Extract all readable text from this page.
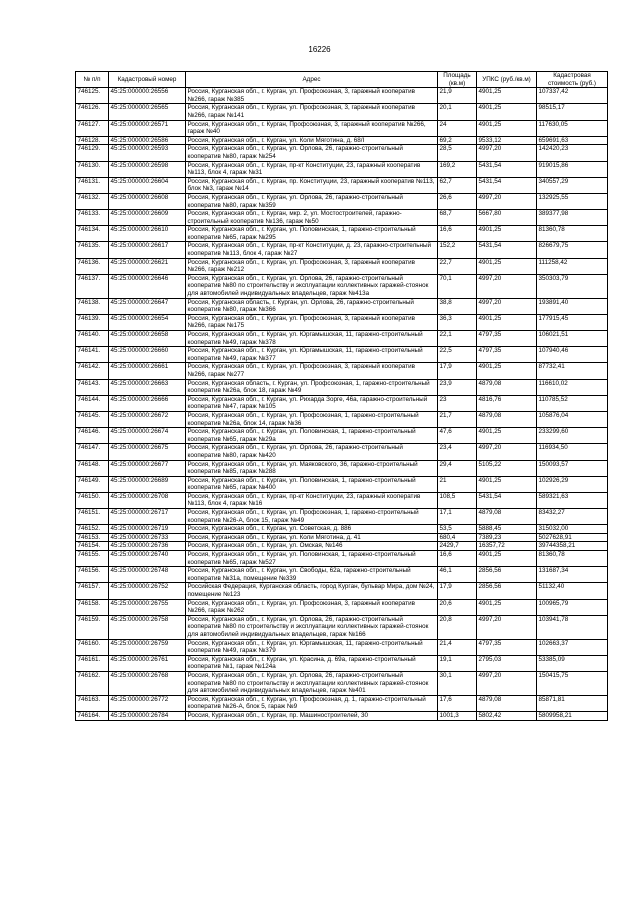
16226
№ п/п	Кадастровый номер	Адрес	Площадь (кв.м)	УПКС (руб./кв.м)	Кадастровая стоимость (руб.)
746125.	45:25:000000:26556	Россия, Курганская обл., г. Курган, ул. Профсоюзная, 3, гаражный кооператив №266, гараж №385	21,9	4901,25	107337,42
746126.	45:25:000000:26565	Россия, Курганская обл., г. Курган, ул. Профсоюзная, 3, гаражный кооператив №266, гараж №141	20,1	4901,25	98515,17
746127.	45:25:000000:26571	Россия, Курганская обл., г. Курган, Профсоюзная, 3, гаражный кооператив №266, гараж №40	24	4901,25	117630,05
746128.	45:25:000000:26586	Россия, Курганская обл., г. Курган, ул. Коли Мяготина, д. 68/I	69,2	9533,12	659691,63
746129.	45:25:000000:26593	Россия, Курганская обл., г. Курган, ул. Орлова, 26, гаражно-строительный кооператив №80, гараж №254	28,5	4997,20	142420,23
746130.	45:25:000000:26598	Россия, Курганская обл., г. Курган, пр-кт Конституции, 23, гаражный кооператив №113, блок 4, гараж №31	169,2	5431,54	919015,86
746131.	45:25:000000:26604	Россия, Курганская обл., г. Курган, пр. Конституции, 23, гаражный кооператив №113, блок №3, гараж №14	62,7	5431,54	340557,29
746132.	45:25:000000:26608	Россия, Курганская обл., г. Курган, ул. Орлова, 26, гаражно-строительный кооператив №80, гараж №359	26,6	4997,20	132925,55
746133.	45:25:000000:26609	Россия, Курганская обл., г. Курган, мкр. 2, ул. Мостостроителей, гаражно-строительный кооператив №136, гараж №50	68,7	5667,80	389377,98
746134.	45:25:000000:26610	Россия, Курганская обл., г. Курган, ул. Половинская, 1, гаражно-строительный кооператив №65, гараж №295	16,6	4901,25	81360,78
746135.	45:25:000000:26617	Россия, Курганская обл., г. Курган, пр-кт Конституции, д. 23, гаражно-строительный кооператив №113, блок 4, гараж №27	152,2	5431,54	826679,75
746136.	45:25:000000:26621	Россия, Курганская обл., г. Курган, ул. Профсоюзная, 3, гаражный кооператив №266, гараж №212	22,7	4901,25	111258,42
746137.	45:25:000000:26646	Россия, Курганская обл., г. Курган, ул. Орлова, 26, гаражно-строительный кооператив №80 по строительству и эксплуатации коллективных гаражей-стоянок для автомобилей индивидуальных владельцев, гараж №413а	70,1	4997,20	350303,79
746138.	45:25:000000:26647	Россия, Курганская область, г. Курган, ул. Орлова, 26, гаражно-строительный кооператив №80, гараж №366	38,8	4997,20	193891,40
746139.	45:25:000000:26654	Россия, Курганская обл., г. Курган, ул. Профсоюзная, 3, гаражный кооператив №266, гараж №175	36,3	4901,25	177915,45
746140.	45:25:000000:26658	Россия, Курганская обл., г. Курган, ул. Юргамышская, 11, гаражно-строительный кооператив №49, гараж №378	22,1	4797,35	106021,51
746141.	45:25:000000:26660	Россия, Курганская обл., г. Курган, ул. Юргамышская, 11, гаражно-строительный кооператив №49, гараж №377	22,5	4797,35	107940,46
746142.	45:25:000000:26661	Россия, Курганская обл., г. Курган, ул. Профсоюзная, 3, гаражный кооператив №266, гараж №277	17,9	4901,25	87732,41
746143.	45:25:000000:26663	Россия, Курганская область, г. Курган, ул. Профсоюзная, 1, гаражно-строительный кооператив №26а, блок 18, гараж №49	23,9	4879,08	116610,02
746144.	45:25:000000:26666	Россия, Курганская обл., г. Курган, ул. Рихарда Зорге, 46а, гаражно-строительный кооператив №47, гараж №105	23	4816,76	110785,52
746145.	45:25:000000:26672	Россия, Курганская обл., г. Курган, ул. Профсоюзная, 1, гаражно-строительный кооператив №26а, блок 14, гараж №36	21,7	4879,08	105876,04
746146.	45:25:000000:26674	Россия, Курганская обл., г. Курган, ул. Половинская, 1, гаражно-строительный кооператив №65, гараж №29а	47,6	4901,25	233299,60
746147.	45:25:000000:26675	Россия, Курганская обл., г. Курган, ул. Орлова, 26, гаражно-строительный кооператив №80, гараж №420	23,4	4997,20	116934,50
746148.	45:25:000000:26677	Россия, Курганская обл., г. Курган, ул. Маяковского, 36, гаражно-строительный кооператив №85, гараж №288	29,4	5105,22	150093,57
746149.	45:25:000000:26689	Россия, Курганская обл., г. Курган, ул. Половинская, 1, гаражно-строительный кооператив №65, гараж №400	21	4901,25	102926,29
746150.	45:25:000000:26708	Россия, Курганская обл., г. Курган, пр-кт Конституции, 23, гаражный кооператив №113, блок 4, гараж №16	108,5	5431,54	589321,63
746151.	45:25:000000:26717	Россия, Курганская обл., г. Курган, ул. Профсоюзная, 1, гаражно-строительный кооператив №26-А, блок 15, гараж №49	17,1	4879,08	83432,27
746152.	45:25:000000:26719	Россия, Курганская обл., г. Курган, ул. Советская, д. 886	53,5	5888,45	315032,00
746153.	45:25:000000:26733	Россия, Курганская обл., г. Курган, ул. Коли Мяготина, д. 41	680,4	7389,23	5027628,91
746154.	45:25:000000:26736	Россия, Курганская обл., г. Курган, ул. Омская, №146	2429,7	16357,72	39744358,21
746155.	45:25:000000:26740	Россия, Курганская обл., г. Курган, ул. Половинская, 1, гаражно-строительный кооператив №65, гараж №527	16,6	4901,25	81360,78
746156.	45:25:000000:26748	Россия, Курганская обл., г. Курган, ул. Свободы, 62а, гаражно-строительный кооператив №31а, помещение №339	46,1	2856,56	131687,34
746157.	45:25:000000:26752	Российская Федерация, Курганская область, город Курган, бульвар Мира, дом №24, помещение №123	17,9	2856,56	51132,40
746158.	45:25:000000:26755	Россия, Курганская обл., г. Курган, ул. Профсоюзная, 3, гаражный кооператив №266, гараж №262	20,6	4901,25	100965,79
746159.	45:25:000000:26758	Россия, Курганская обл., г. Курган, ул. Орлова, 26, гаражно-строительный кооператив №80 по строительству и эксплуатации коллективных гаражей-стоянок для автомобилей индивидуальных владельцев, гараж №166	20,8	4997,20	103941,78
746160.	45:25:000000:26759	Россия, Курганская обл., г. Курган, ул. Юргамышская, 11, гаражно-строительный кооператив №49, гараж №379	21,4	4797,35	102663,37
746161.	45:25:000000:26761	Россия, Курганская обл., г. Курган, ул. Красина, д. 69а, гаражно-строительный кооператив №1, гараж №124а	19,1	2795,03	53385,09
746162.	45:25:000000:26768	Россия, Курганская обл., г. Курган, ул. Орлова, 26, гаражно-строительный кооператив №80 по строительству и эксплуатации коллективных гаражей-стоянок для автомобилей индивидуальных владельцев, гараж №401	30,1	4997,20	150415,75
746163.	45:25:000000:26772	Россия, Курганская обл., г. Курган, ул. Профсоюзная, д. 1, гаражно-строительный кооператив №26-А, блок 5, гараж №9	17,6	4879,08	85871,81
746164.	45:25:000000:26784	Россия, Курганская обл., г. Курган, пр. Машиностроителей, 30	1001,3	5802,42	5809958,21
